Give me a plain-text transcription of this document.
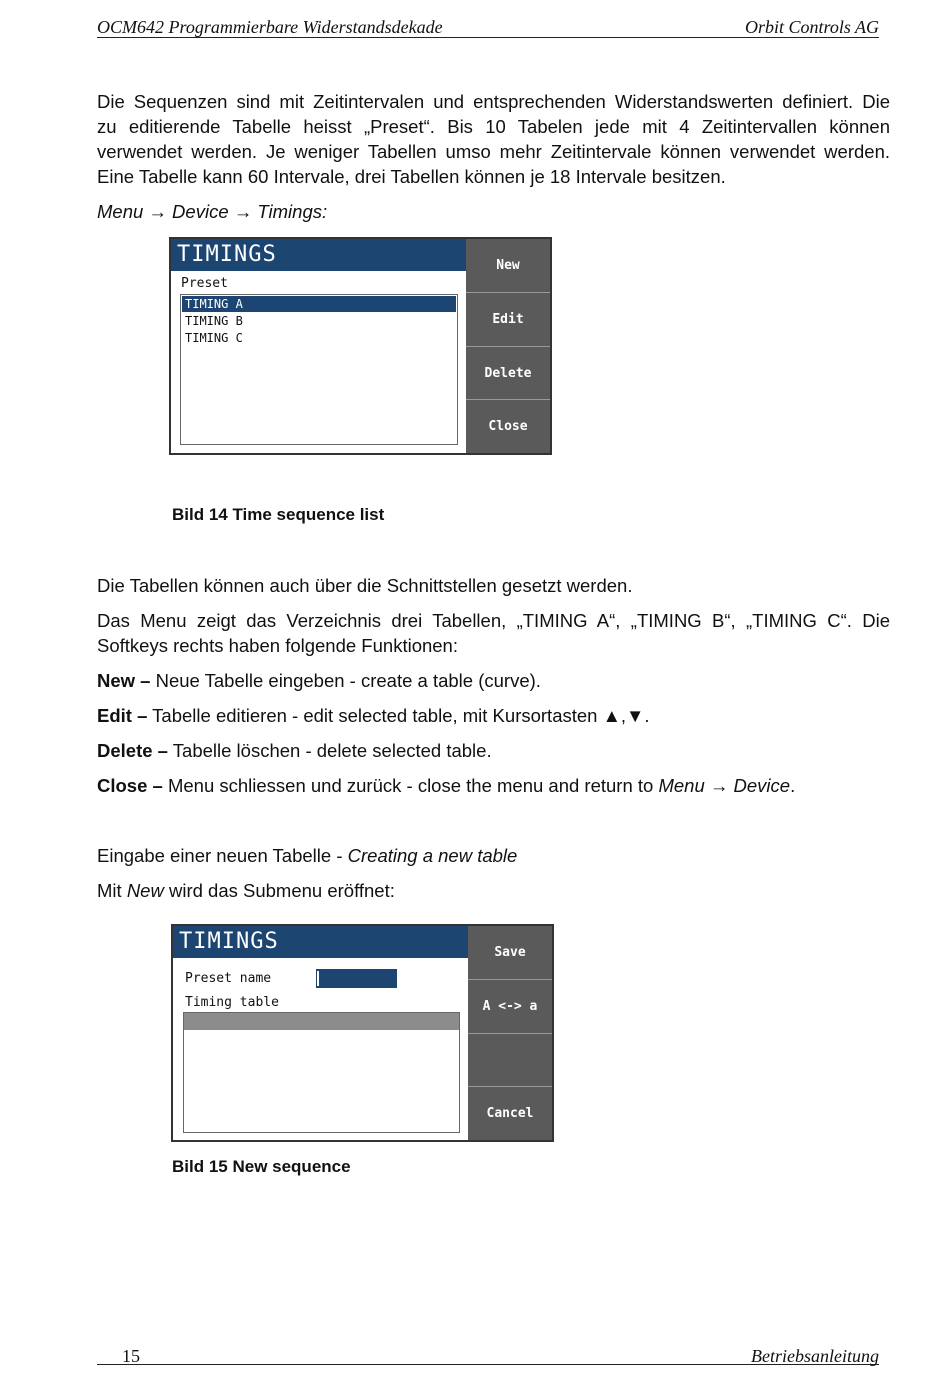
OCM642 Programmierbare Widerstandsdekade	Orbit Controls AG
Die Sequenzen sind mit Zeitintervalen und entsprechenden Widerstandswerten definiert. Die
zu editierende Tabelle heisst „Preset“. Bis 10 Tabelen jede mit 4 Zeitintervallen können
verwendet werden. Je weniger Tabellen umso mehr Zeitintervale können verwendet werden.
Eine Tabelle kann 60 Intervale, drei Tabellen können je 18 Intervale besitzen.
Menu → Device → Timings:
TIMINGS
Preset
TIMING A
TIMING B
TIMING C
New
Edit
Delete
Close
Bild 14 Time sequence list
Die Tabellen können auch über die Schnittstellen gesetzt werden.
Das Menu zeigt das Verzeichnis drei Tabellen, „TIMING A“, „TIMING B“, „TIMING C“. Die
Softkeys rechts haben folgende Funktionen:
New – Neue Tabelle eingeben - create a table (curve).
Edit – Tabelle editieren - edit selected table, mit Kursortasten ▲,▼.
Delete – Tabelle löschen - delete selected table.
Close – Menu schliessen und zurück - close the menu and return to Menu → Device.
Eingabe einer neuen Tabelle - Creating a new table
Mit New wird das Submenu eröffnet:
TIMINGS
Preset name
Timing table
Save
A <-> a
Cancel
Bild 15 New sequence
15	Betriebsanleitung
